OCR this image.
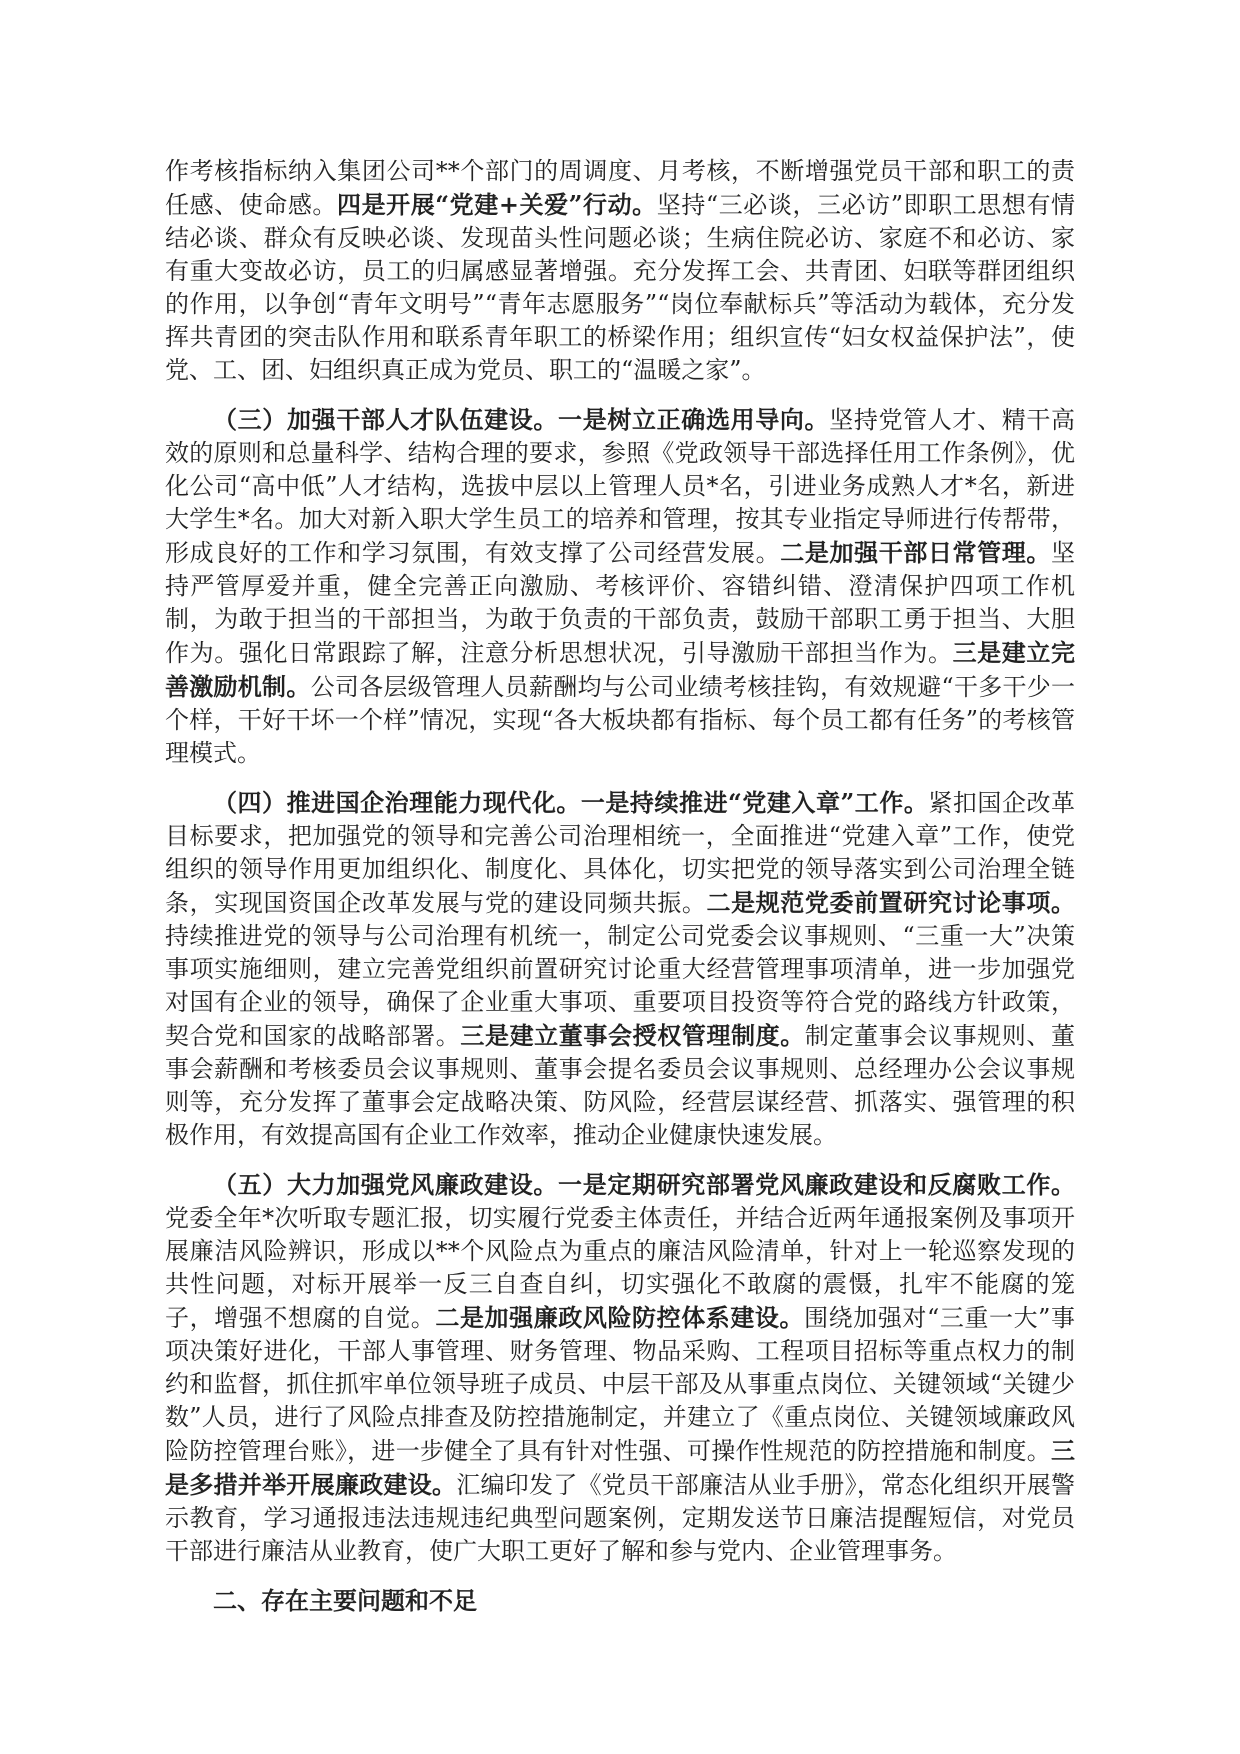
作考核指标纳入集团公司**个部门的周调度、月考核，不断增强党员干部和职工的责任感、使命感。四是开展“党建+关爱”行动。坚持“三必谈，三必访”即职工思想有情结必谈、群众有反映必谈、发现苗头性问题必谈；生病住院必访、家庭不和必访、家有重大变故必访，员工的归属感显著增强。充分发挥工会、共青团、妇联等群团组织的作用，以争创“青年文明号”“青年志愿服务”“岗位奉献标兵”等活动为载体，充分发挥共青团的突击队作用和联系青年职工的桥梁作用；组织宣传“妇女权益保护法”，使党、工、团、妇组织真正成为党员、职工的“温暖之家”。

（三）加强干部人才队伍建设。一是树立正确选用导向。坚持党管人才、精干高效的原则和总量科学、结构合理的要求，参照《党政领导干部选择任用工作条例》，优化公司“高中低”人才结构，选拔中层以上管理人员*名，引进业务成熟人才*名，新进大学生*名。加大对新入职大学生员工的培养和管理，按其专业指定导师进行传帮带，形成良好的工作和学习氛围，有效支撑了公司经营发展。二是加强干部日常管理。坚持严管厚爱并重，健全完善正向激励、考核评价、容错纠错、澄清保护四项工作机制，为敢于担当的干部担当，为敢于负责的干部负责，鼓励干部职工勇于担当、大胆作为。强化日常跟踪了解，注意分析思想状况，引导激励干部担当作为。三是建立完善激励机制。公司各层级管理人员薪酬均与公司业绩考核挂钩，有效规避“干多干少一个样，干好干坏一个样”情况，实现“各大板块都有指标、每个员工都有任务”的考核管理模式。

（四）推进国企治理能力现代化。一是持续推进“党建入章”工作。紧扣国企改革目标要求，把加强党的领导和完善公司治理相统一，全面推进“党建入章”工作，使党组织的领导作用更加组织化、制度化、具体化，切实把党的领导落实到公司治理全链条，实现国资国企改革发展与党的建设同频共振。二是规范党委前置研究讨论事项。持续推进党的领导与公司治理有机统一，制定公司党委会议事规则、“三重一大”决策事项实施细则，建立完善党组织前置研究讨论重大经营管理事项清单，进一步加强党对国有企业的领导，确保了企业重大事项、重要项目投资等符合党的路线方针政策，契合党和国家的战略部署。三是建立董事会授权管理制度。制定董事会议事规则、董事会薪酬和考核委员会议事规则、董事会提名委员会议事规则、总经理办公会议事规则等，充分发挥了董事会定战略决策、防风险，经营层谋经营、抓落实、强管理的积极作用，有效提高国有企业工作效率，推动企业健康快速发展。

（五）大力加强党风廉政建设。一是定期研究部署党风廉政建设和反腐败工作。党委全年*次听取专题汇报，切实履行党委主体责任，并结合近两年通报案例及事项开展廉洁风险辨识，形成以**个风险点为重点的廉洁风险清单，针对上一轮巡察发现的共性问题，对标开展举一反三自查自纠，切实强化不敢腐的震慑，扎牢不能腐的笼子，增强不想腐的自觉。二是加强廉政风险防控体系建设。围绕加强对“三重一大”事项决策好进化，干部人事管理、财务管理、物品采购、工程项目招标等重点权力的制约和监督，抓住抓牢单位领导班子成员、中层干部及从事重点岗位、关键领域“关键少数”人员，进行了风险点排查及防控措施制定，并建立了《重点岗位、关键领域廉政风险防控管理台账》，进一步健全了具有针对性强、可操作性规范的防控措施和制度。三是多措并举开展廉政建设。汇编印发了《党员干部廉洁从业手册》，常态化组织开展警示教育，学习通报违法违规违纪典型问题案例，定期发送节日廉洁提醒短信，对党员干部进行廉洁从业教育，使广大职工更好了解和参与党内、企业管理事务。

二、存在主要问题和不足
